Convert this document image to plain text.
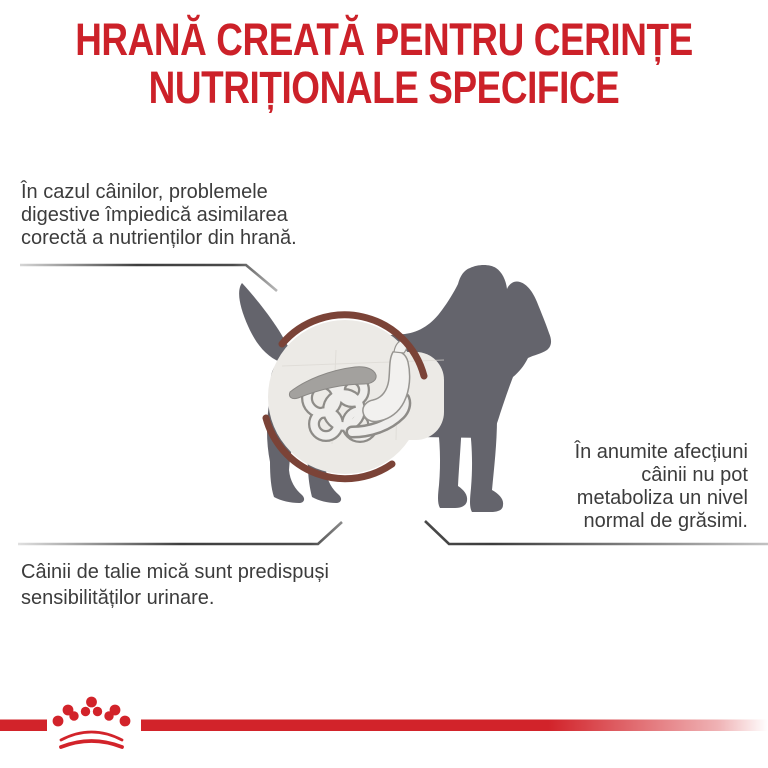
HRANĂ CREATĂ PENTRU CERINȚE
NUTRIȚIONALE SPECIFICE
În cazul câinilor, problemele
digestive împiedică asimilarea
corectă a nutrienților din hrană.
În anumite afecțiuni
câinii nu pot
metaboliza un nivel
normal de grăsimi.
Câinii de talie mică sunt predispuși
sensibilităților urinare.
